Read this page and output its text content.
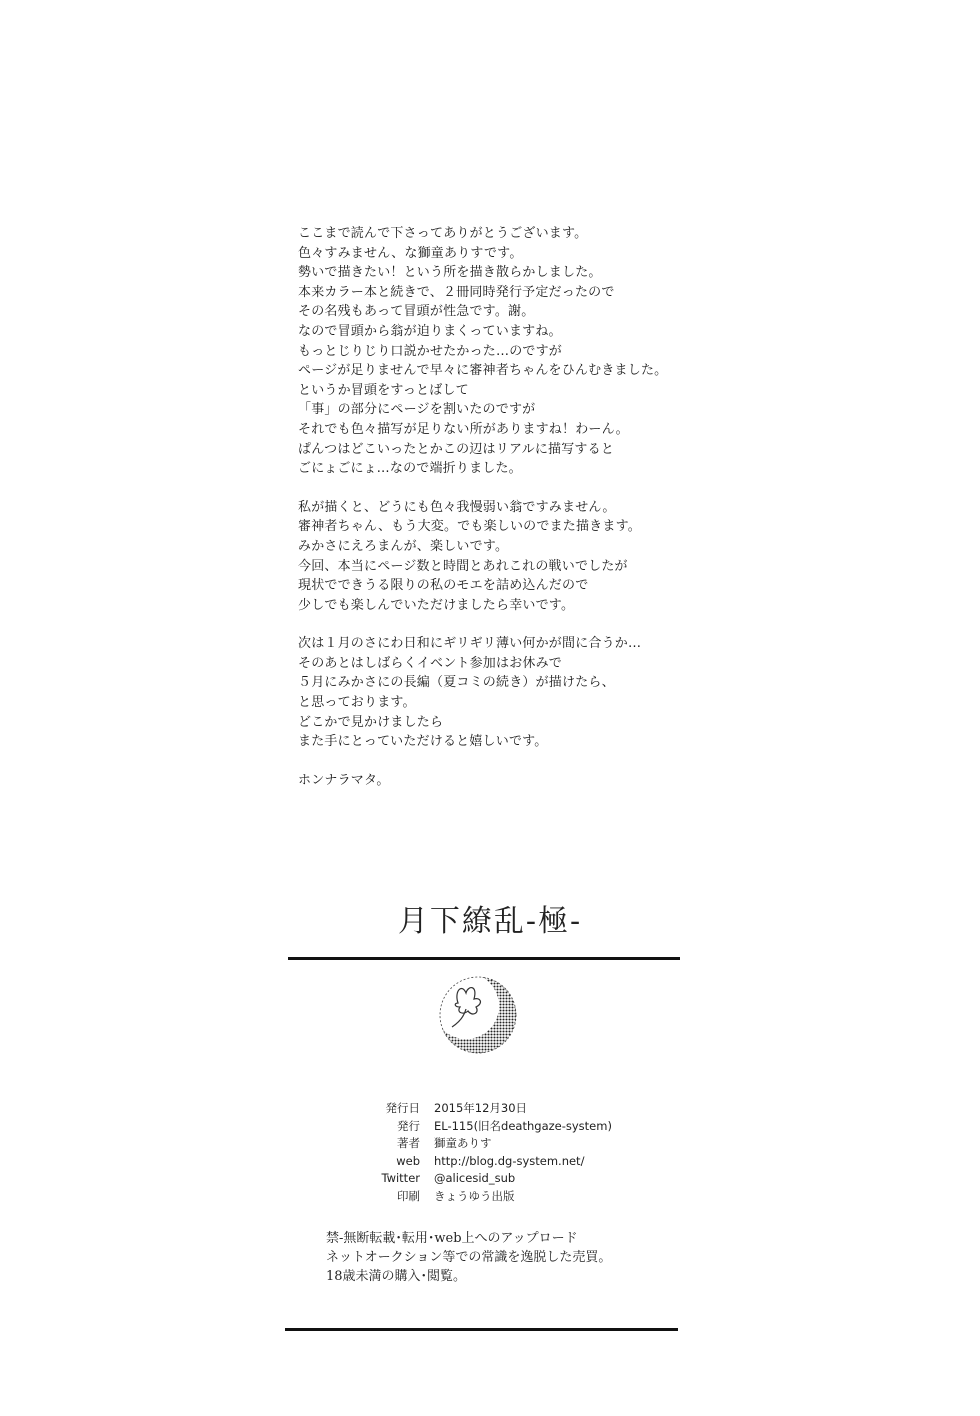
ここまで読んで下さってありがとうございます。
色々すみません、な獅童ありすです。
勢いで描きたい！という所を描き散らかしました。
本来カラー本と続きで、２冊同時発行予定だったので
その名残もあって冒頭が性急です。謝。
なので冒頭から翁が迫りまくっていますね。
もっとじりじり口説かせたかった…のですが
ページが足りませんで早々に審神者ちゃんをひんむきました。
というか冒頭をすっとばして
「事」の部分にページを割いたのですが
それでも色々描写が足りない所がありますね！わーん。
ぱんつはどこいったとかこの辺はリアルに描写すると
ごにょごにょ…なので端折りました。
私が描くと、どうにも色々我慢弱い翁ですみません。
審神者ちゃん、もう大変。でも楽しいのでまた描きます。
みかさにえろまんが、楽しいです。
今回、本当にページ数と時間とあれこれの戦いでしたが
現状でできうる限りの私のモエを詰め込んだので
少しでも楽しんでいただけましたら幸いです。
次は１月のさにわ日和にギリギリ薄い何かが間に合うか…
そのあとはしばらくイベント参加はお休みで
５月にみかさにの長編（夏コミの続き）が描けたら、
と思っております。
どこかで見かけましたら
また手にとっていただけると嬉しいです。
ホンナラマタ。
月下繚乱-極-
発行日	2015年12月30日
発行	EL-115(旧名deathgaze-system)
著者	獅童ありす
web	http://blog.dg-system.net/
Twitter	@alicesid_sub
印刷	きょうゆう出版
禁-無断転載･転用･web上へのアップロード
ネットオークション等での常識を逸脱した売買。
18歳未満の購入･閲覧。
